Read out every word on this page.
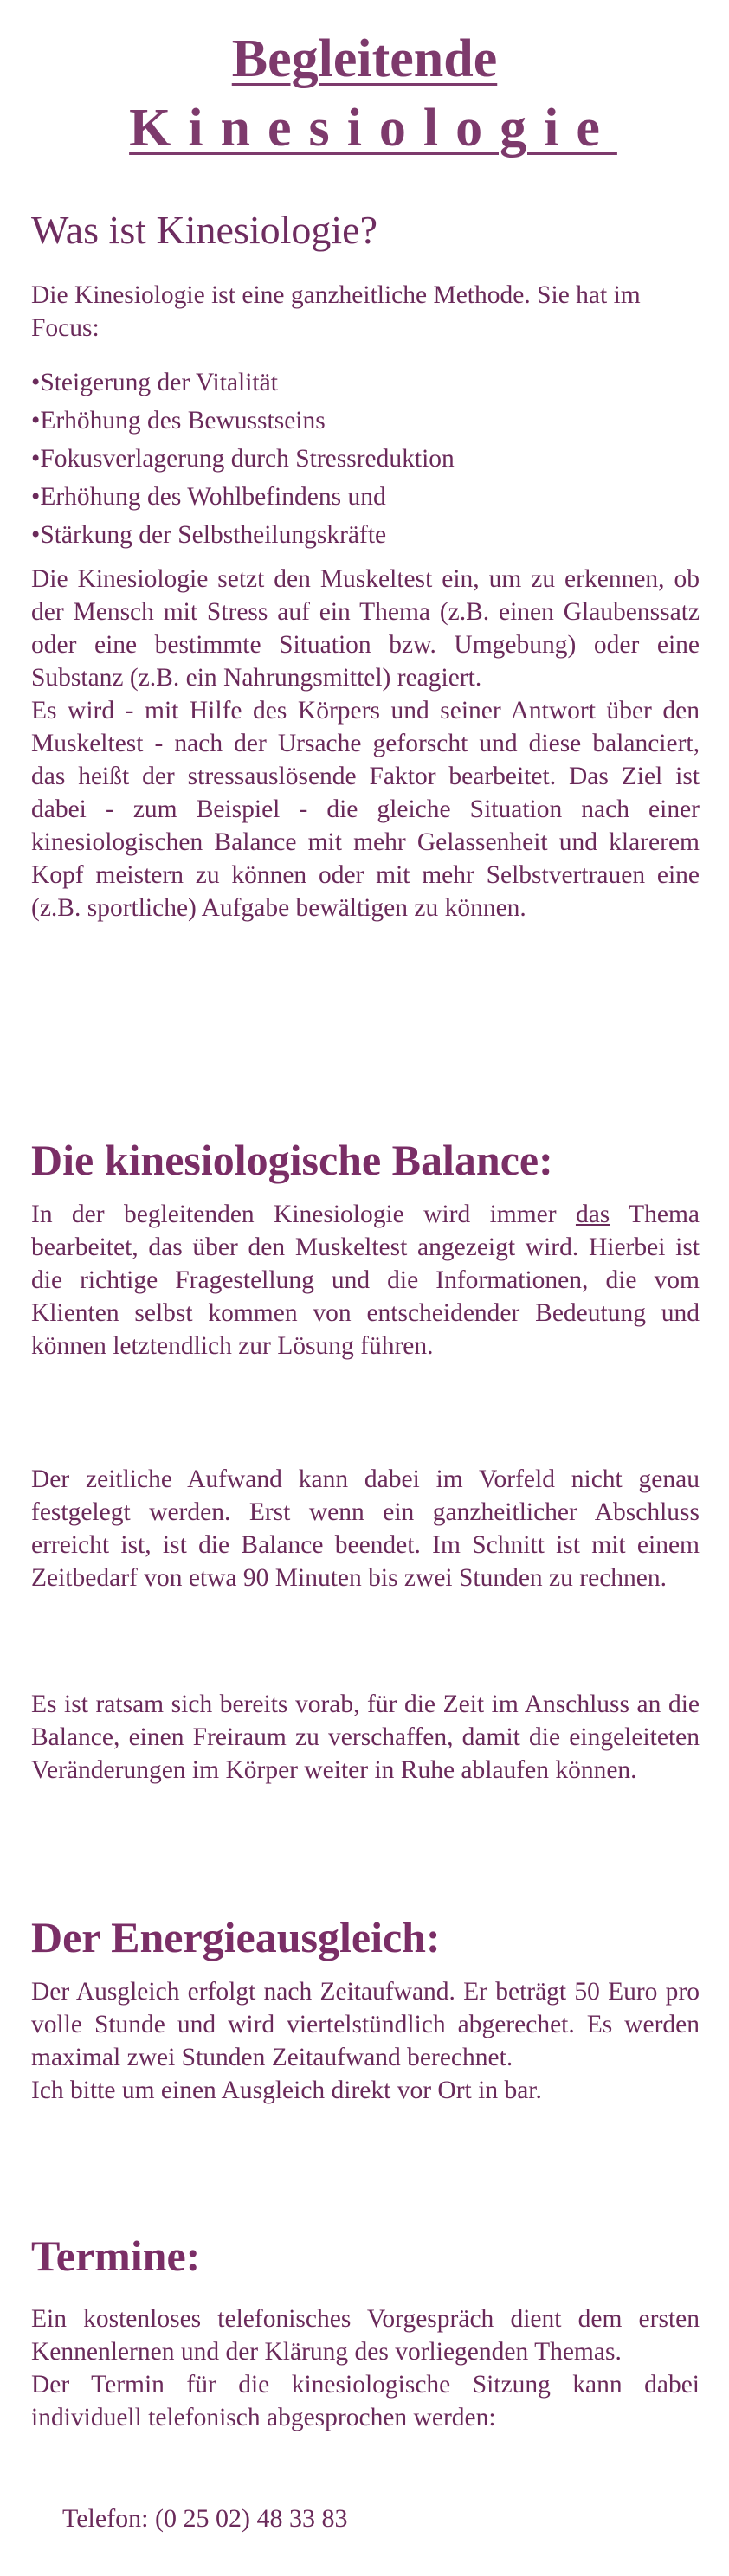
Begleitende
Kinesiologie
Was ist Kinesiologie?

Die Kinesiologie ist eine ganzheitliche Methode. Sie hat im Focus:

•Steigerung der Vitalität
•Erhöhung des Bewusstseins
•Fokusverlagerung durch Stressreduktion
•Erhöhung des Wohlbefindens und
•Stärkung der Selbstheilungskräfte

Die Kinesiologie setzt den Muskeltest ein, um zu erkennen, ob der Mensch mit Stress auf ein Thema (z.B. einen Glaubenssatz oder eine bestimmte Situation bzw. Umgebung) oder eine Substanz (z.B. ein Nahrungsmittel) reagiert.

Es wird - mit Hilfe des Körpers und seiner Antwort über den Muskeltest - nach der Ursache geforscht und diese balanciert, das heißt der stressauslösende Faktor bearbeitet. Das Ziel ist dabei - zum Beispiel - die gleiche Situation nach einer kinesiologischen Balance mit mehr Gelassenheit und klarerem Kopf meistern zu können oder mit mehr Selbstvertrauen eine (z.B. sportliche) Aufgabe bewältigen zu können.

Die kinesiologische Balance:

In der begleitenden Kinesiologie wird immer das Thema bearbeitet, das über den Muskeltest angezeigt wird. Hierbei ist die richtige Fragestellung und die Informationen, die vom Klienten selbst kommen von entscheidender Bedeutung und können letztendlich zur Lösung führen.

Der zeitliche Aufwand kann dabei im Vorfeld nicht genau festgelegt werden. Erst wenn ein ganzheitlicher Abschluss erreicht ist, ist die Balance beendet. Im Schnitt ist mit einem Zeitbedarf von etwa 90 Minuten bis zwei Stunden zu rechnen.

Es ist ratsam sich bereits vorab, für die Zeit im Anschluss an die Balance, einen Freiraum zu verschaffen, damit die eingeleiteten Veränderungen im Körper weiter in Ruhe ablaufen können.

Der Energieausgleich:

Der Ausgleich erfolgt nach Zeitaufwand. Er beträgt 50 Euro pro volle Stunde und wird viertelstündlich abgerechet. Es werden maximal zwei Stunden Zeitaufwand berechnet.

Ich bitte um einen Ausgleich direkt vor Ort in bar.

Termine:

Ein kostenloses telefonisches Vorgespräch dient dem ersten Kennenlernen und der Klärung des vorliegenden Themas.

Der Termin für die kinesiologische Sitzung kann dabei individuell telefonisch abgesprochen werden:

Telefon: (0 25 02) 48 33 83
